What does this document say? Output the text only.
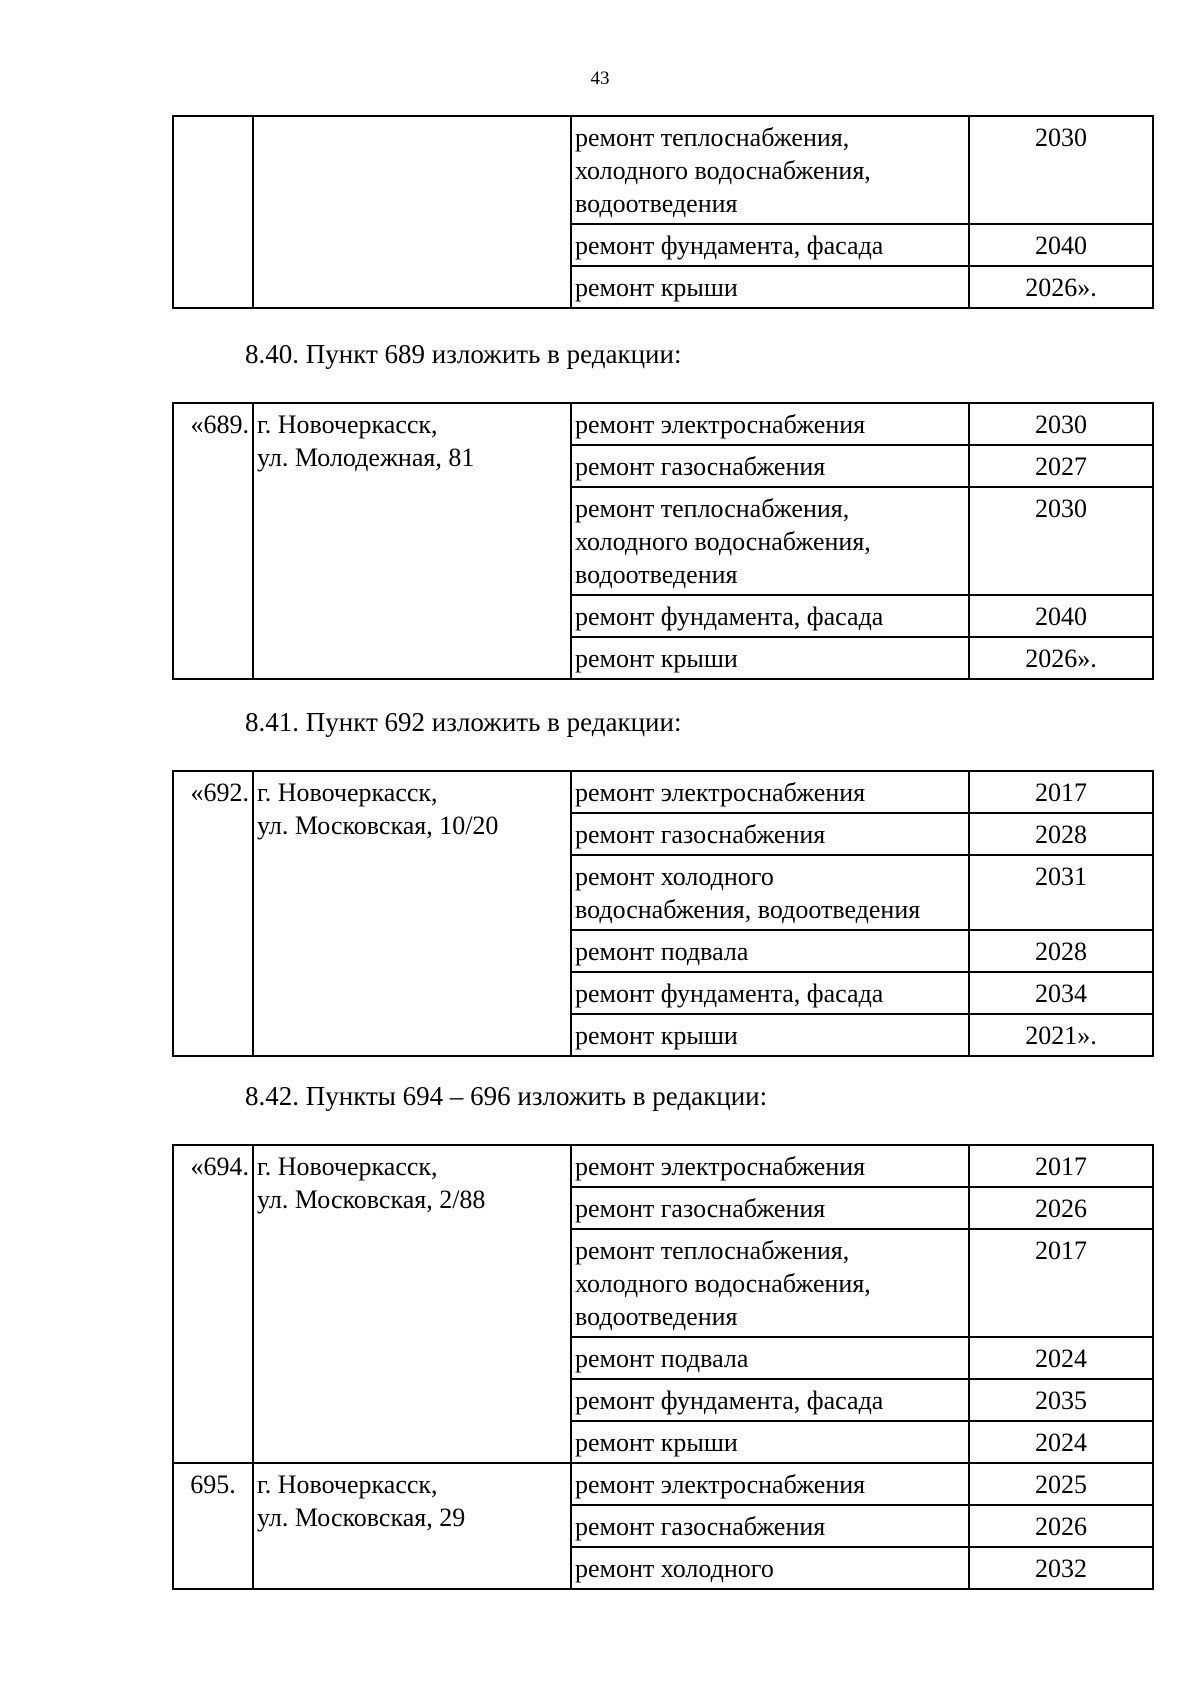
43

		ремонт теплоснабжения,
холодного водоснабжения,
водоотведения	2030

		ремонт фундамента, фасада	2040

		ремонт крыши	2026».
8.40. Пункт 689 изложить в редакции:
«689.	г. Новочеркасск,
ул. Молодежная, 81	ремонт электроснабжения	2030

		ремонт газоснабжения	2027

		ремонт теплоснабжения,
холодного водоснабжения,
водоотведения	2030

		ремонт фундамента, фасада	2040

		ремонт крыши	2026».
8.41. Пункт 692 изложить в редакции:
«692.	г. Новочеркасск,
ул. Московская, 10/20	ремонт электроснабжения	2017

		ремонт газоснабжения	2028

		ремонт холодного
водоснабжения, водоотведения	2031

		ремонт подвала	2028

		ремонт фундамента, фасада	2034

		ремонт крыши	2021».
8.42. Пункты 694 – 696 изложить в редакции:
«694.	г. Новочеркасск,
ул. Московская, 2/88	ремонт электроснабжения	2017

		ремонт газоснабжения	2026

		ремонт теплоснабжения,
холодного водоснабжения,
водоотведения	2017

		ремонт подвала	2024

		ремонт фундамента, фасада	2035

		ремонт крыши	2024
695.	г. Новочеркасск,
ул. Московская, 29	ремонт электроснабжения	2025

		ремонт газоснабжения	2026

		ремонт холодного	2032
